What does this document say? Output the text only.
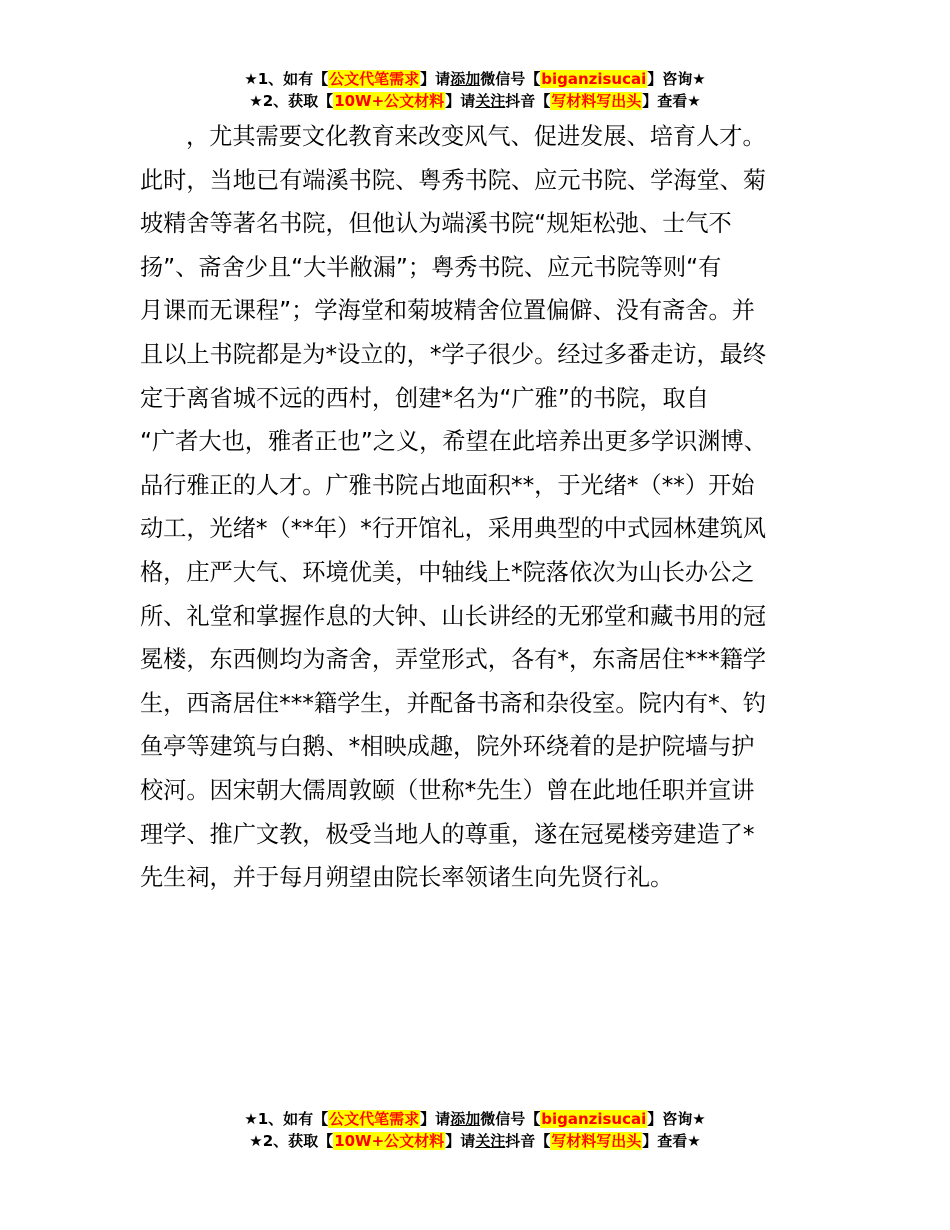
★1、如有【公文代笔需求】请添加微信号【biganzisucai】咨询★
★2、获取【10W+公文材料】请关注抖音【写材料写出头】查看★
，尤其需要文化教育来改变风气、促进发展、培育人才。
此时，当地已有端溪书院、粤秀书院、应元书院、学海堂、菊
坡精舍等著名书院，但他认为端溪书院“规矩松弛、士气不
扬”、斋舍少且“大半敝漏”；粤秀书院、应元书院等则“有
月课而无课程”；学海堂和菊坡精舍位置偏僻、没有斋舍。并
且以上书院都是为*设立的，*学子很少。经过多番走访，最终
定于离省城不远的西村，创建*名为“广雅”的书院，取自
“广者大也，雅者正也”之义，希望在此培养出更多学识渊博、
品行雅正的人才。广雅书院占地面积**，于光绪*（**）开始
动工，光绪*（**年）*行开馆礼，采用典型的中式园林建筑风
格，庄严大气、环境优美，中轴线上*院落依次为山长办公之
所、礼堂和掌握作息的大钟、山长讲经的无邪堂和藏书用的冠
冕楼，东西侧均为斋舍，弄堂形式，各有*，东斋居住***籍学
生，西斋居住***籍学生，并配备书斋和杂役室。院内有*、钓
鱼亭等建筑与白鹅、*相映成趣，院外环绕着的是护院墙与护
校河。因宋朝大儒周敦颐（世称*先生）曾在此地任职并宣讲
理学、推广文教，极受当地人的尊重，遂在冠冕楼旁建造了*
先生祠，并于每月朔望由院长率领诸生向先贤行礼。
★1、如有【公文代笔需求】请添加微信号【biganzisucai】咨询★
★2、获取【10W+公文材料】请关注抖音【写材料写出头】查看★
